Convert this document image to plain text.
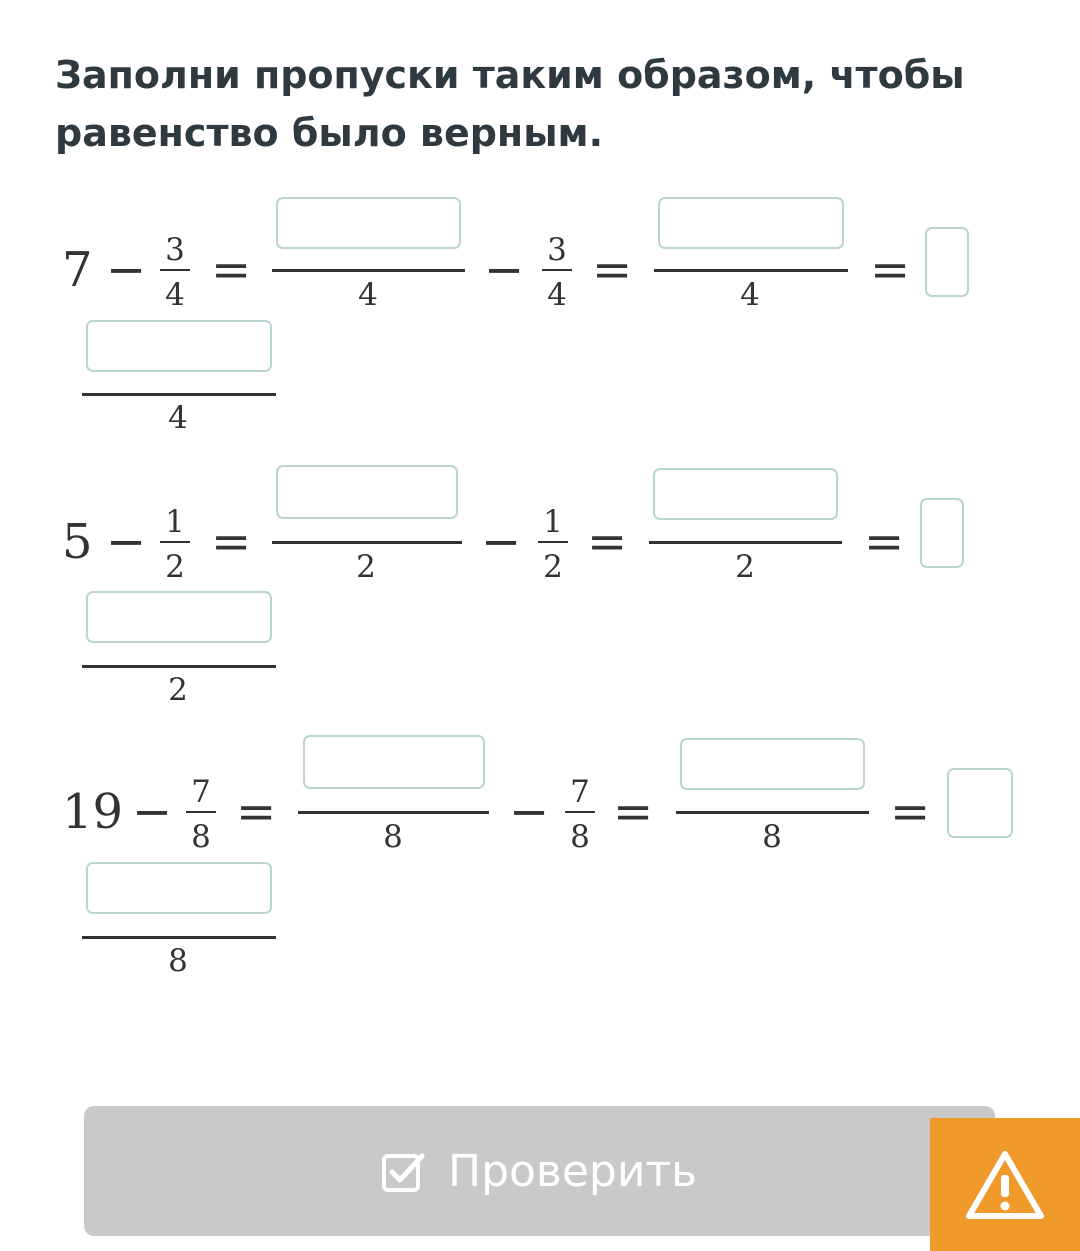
Заполни пропуски таким образом, чтобы равенство было верным.
7 − 3
4 =	4	− 3
4 =	4	=
4
5 − 1
2 =	2	− 1
2 =	2	=
2
19 − 7
8 =	8	− 7
8 =	8	=
8
Проверить
